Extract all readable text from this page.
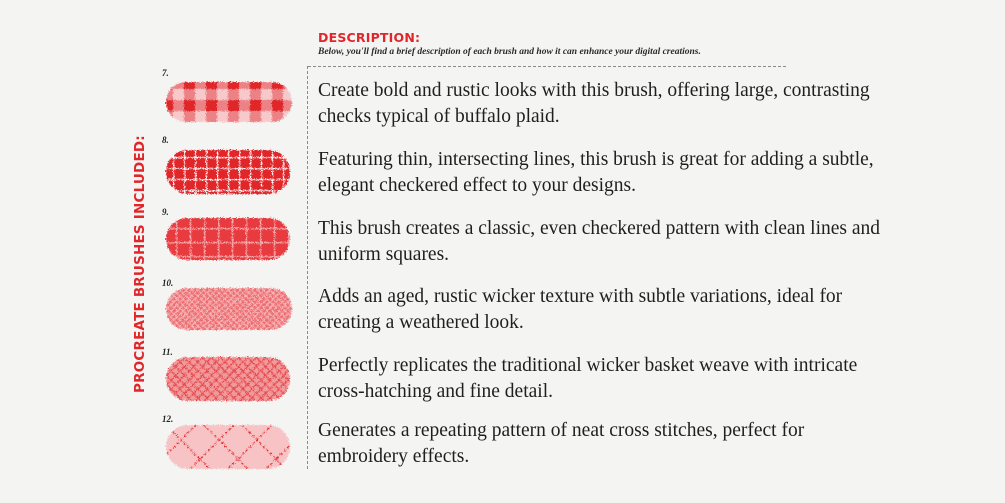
PROCREATE BRUSHES INCLUDED:
DESCRIPTION:
Below, you'll find a brief description of each brush and how it can enhance your digital creations.
7.
Create bold and rustic looks with this brush, offering large, contrasting checks typical of buffalo plaid.
8.
Featuring thin, intersecting lines, this brush is great for adding a subtle, elegant checkered effect to your designs.
9.
This brush creates a classic, even checkered pattern with clean lines and uniform squares.
10.
Adds an aged, rustic wicker texture with subtle variations, ideal for creating a weathered look.
11.
Perfectly replicates the traditional wicker basket weave with intricate cross-hatching and fine detail.
12.
Generates a repeating pattern of neat cross stitches, perfect for embroidery effects.
